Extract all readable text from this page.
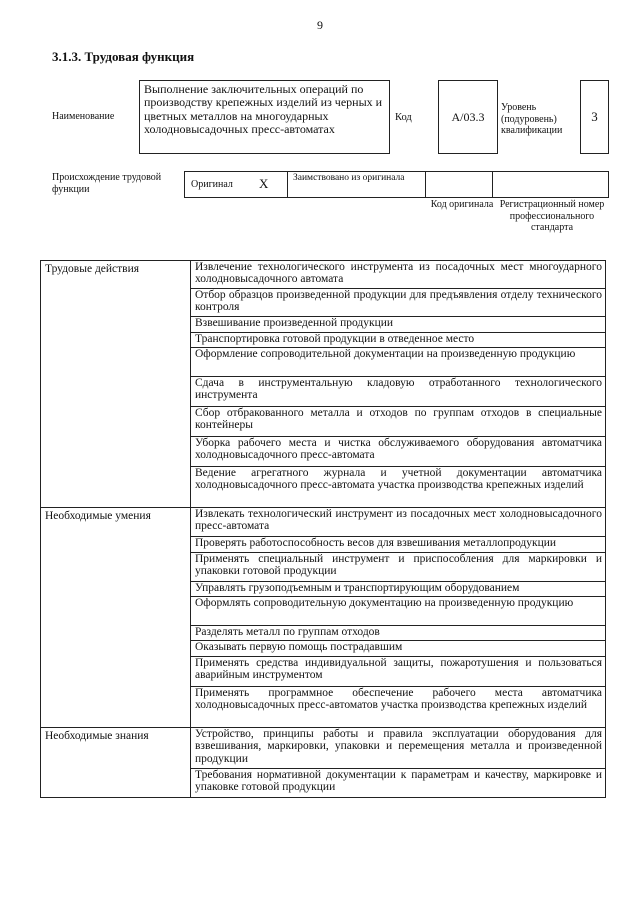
9
3.1.3. Трудовая функция
Наименование
Выполнение заключительных операций по производству крепежных изделий из черных и цветных металлов на многоударных холодновысадочных пресс-автоматах
Код	А/03.3
Уровень (подуровень) квалификации
3
Происхождение трудовой функции	Оригинал X	Заимствовано из оригинала
Код оригинала Регистрационный номер профессионального стандарта
Трудовые действия	Извлечение технологического инструмента из посадочных мест многоударного холодновысадочного автомата
	Отбор образцов произведенной продукции для предъявления отделу технического контроля
	Взвешивание произведенной продукции
	Транспортировка готовой продукции в отведенное место
	Оформление сопроводительной документации на произведенную продукцию
	Сдача в инструментальную кладовую отработанного технологического инструмента
	Сбор отбракованного металла и отходов по группам отходов в специальные контейнеры
	Уборка рабочего места и чистка обслуживаемого оборудования автоматчика холодновысадочного пресс-автомата
	Ведение агрегатного журнала и учетной документации автоматчика холодновысадочного пресс-автомата участка производства крепежных изделий
Необходимые умения	Извлекать технологический инструмент из посадочных мест холодновысадочного пресс-автомата
	Проверять работоспособность весов для взвешивания металлопродукции
	Применять специальный инструмент и приспособления для маркировки и упаковки готовой продукции
	Управлять грузоподъемным и транспортирующим оборудованием
	Оформлять сопроводительную документацию на произведенную продукцию
	Разделять металл по группам отходов
	Оказывать первую помощь пострадавшим
	Применять средства индивидуальной защиты, пожаротушения и пользоваться аварийным инструментом
	Применять программное обеспечение рабочего места автоматчика холодновысадочных пресс-автоматов участка производства крепежных изделий
Необходимые знания	Устройство, принципы работы и правила эксплуатации оборудования для взвешивания, маркировки, упаковки и перемещения металла и произведенной продукции
	Требования нормативной документации к параметрам и качеству, маркировке и упаковке готовой продукции
